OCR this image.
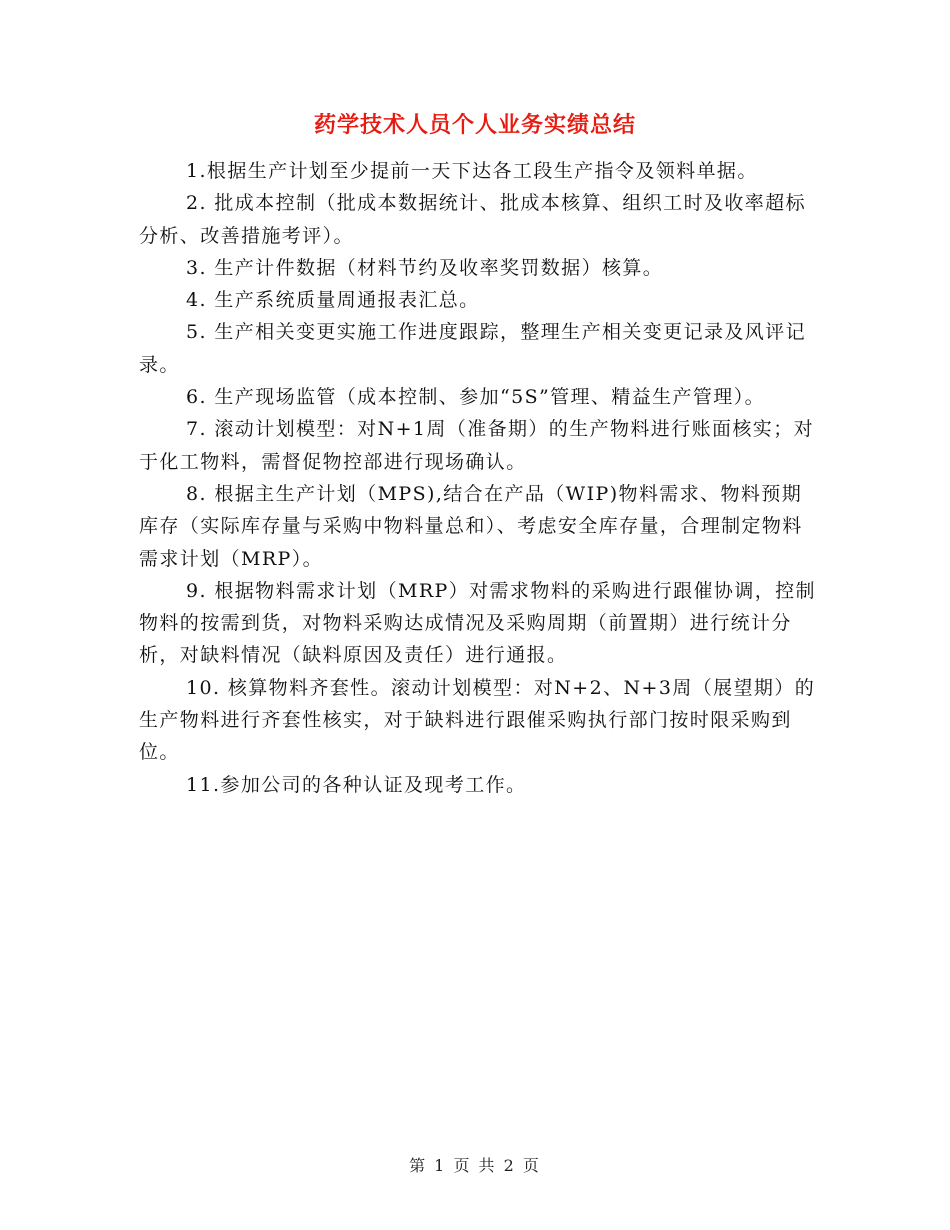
药学技术人员个人业务实绩总结

1.根据生产计划至少提前一天下达各工段生产指令及领料单据。

2. 批成本控制（批成本数据统计、批成本核算、组织工时及收率超标分析、改善措施考评）。

3. 生产计件数据（材料节约及收率奖罚数据）核算。

4. 生产系统质量周通报表汇总。

5. 生产相关变更实施工作进度跟踪，整理生产相关变更记录及风评记录。

6. 生产现场监管（成本控制、参加“5S”管理、精益生产管理）。

7. 滚动计划模型：对N+1周（准备期）的生产物料进行账面核实；对于化工物料，需督促物控部进行现场确认。

8. 根据主生产计划（MPS),结合在产品（WIP)物料需求、物料预期库存（实际库存量与采购中物料量总和）、考虑安全库存量，合理制定物料需求计划（MRP）。

9. 根据物料需求计划（MRP）对需求物料的采购进行跟催协调，控制物料的按需到货，对物料采购达成情况及采购周期（前置期）进行统计分析，对缺料情况（缺料原因及责任）进行通报。

10. 核算物料齐套性。滚动计划模型：对N+2、N+3周（展望期）的生产物料进行齐套性核实，对于缺料进行跟催采购执行部门按时限采购到位。

11.参加公司的各种认证及现考工作。

第 1 页 共 2 页
